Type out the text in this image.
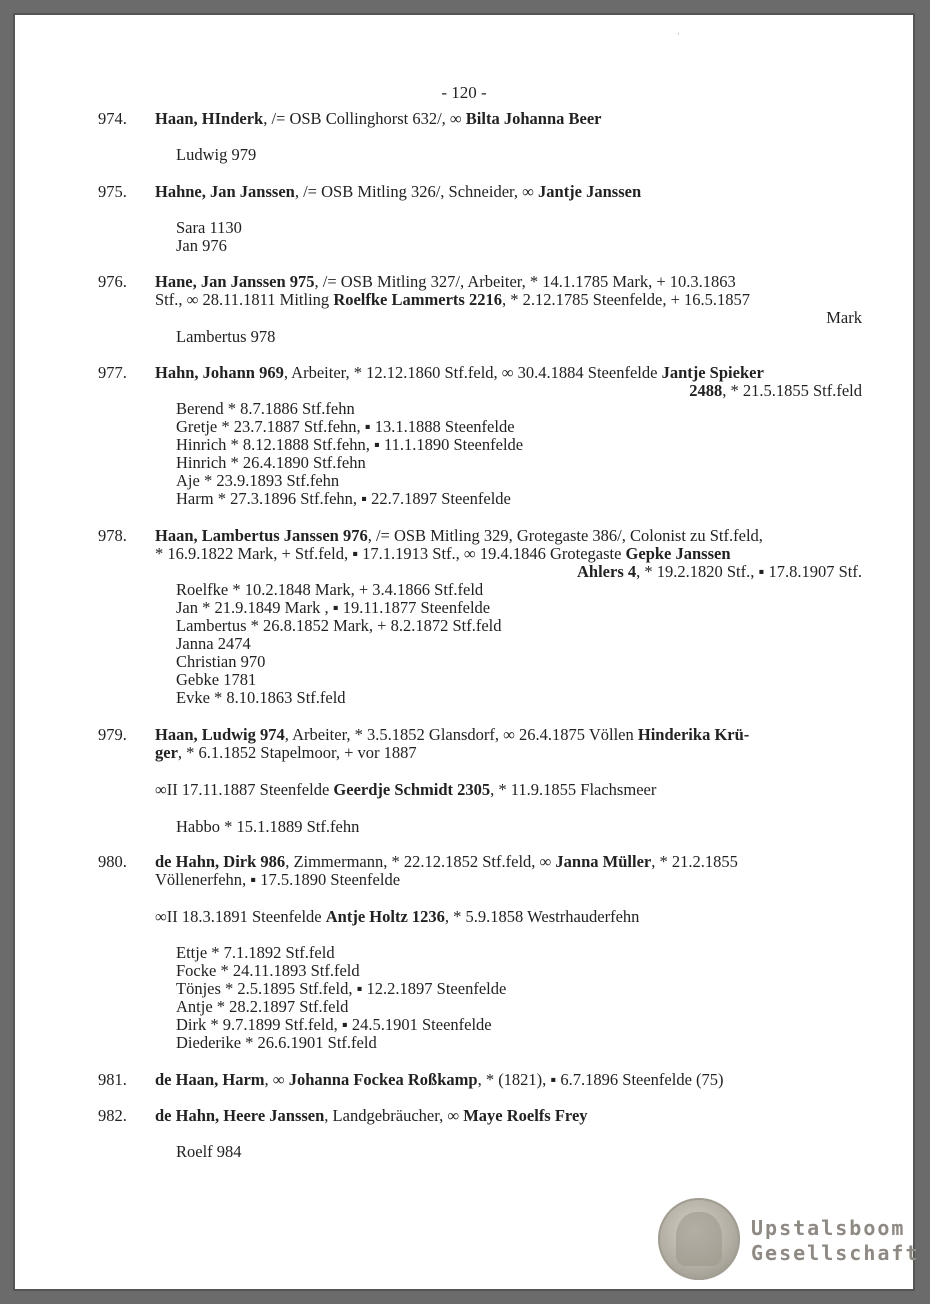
‘
- 120 -
974.	Haan, HInderk, /= OSB Collinghorst 632/, ∞ Bilta Johanna Beer
Ludwig 979
975.	Hahne, Jan Janssen, /= OSB Mitling 326/, Schneider, ∞ Jantje Janssen
Sara 1130
Jan 976
976.	Hane, Jan Janssen 975, /= OSB Mitling 327/, Arbeiter, * 14.1.1785 Mark, + 10.3.1863
Stf., ∞ 28.11.1811 Mitling Roelfke Lammerts 2216, * 2.12.1785 Steenfelde, + 16.5.1857
Mark
Lambertus 978
977.	Hahn, Johann 969, Arbeiter, * 12.12.1860 Stf.feld, ∞ 30.4.1884 Steenfelde Jantje Spieker
2488, * 21.5.1855 Stf.feld
Berend * 8.7.1886 Stf.fehn
Gretje * 23.7.1887 Stf.fehn, ▪ 13.1.1888 Steenfelde
Hinrich * 8.12.1888 Stf.fehn, ▪ 11.1.1890 Steenfelde
Hinrich * 26.4.1890 Stf.fehn
Aje * 23.9.1893 Stf.fehn
Harm * 27.3.1896 Stf.fehn, ▪ 22.7.1897 Steenfelde
978.	Haan, Lambertus Janssen 976, /= OSB Mitling 329, Grotegaste 386/, Colonist zu Stf.feld,
* 16.9.1822 Mark, + Stf.feld, ▪ 17.1.1913 Stf., ∞ 19.4.1846 Grotegaste Gepke Janssen
Ahlers 4, * 19.2.1820 Stf., ▪ 17.8.1907 Stf.
Roelfke * 10.2.1848 Mark, + 3.4.1866 Stf.feld
Jan * 21.9.1849 Mark , ▪ 19.11.1877 Steenfelde
Lambertus * 26.8.1852 Mark, + 8.2.1872 Stf.feld
Janna 2474
Christian 970
Gebke 1781
Evke * 8.10.1863 Stf.feld
979.	Haan, Ludwig 974, Arbeiter, * 3.5.1852 Glansdorf, ∞ 26.4.1875 Völlen Hinderika Krü-
ger, * 6.1.1852 Stapelmoor, + vor 1887
∞II 17.11.1887 Steenfelde Geerdje Schmidt 2305, * 11.9.1855 Flachsmeer
Habbo * 15.1.1889 Stf.fehn
980.	de Hahn, Dirk 986, Zimmermann, * 22.12.1852 Stf.feld, ∞ Janna Müller, * 21.2.1855
Völlenerfehn, ▪ 17.5.1890 Steenfelde
∞II 18.3.1891 Steenfelde Antje Holtz 1236, * 5.9.1858 Westrhauderfehn
Ettje * 7.1.1892 Stf.feld
Focke * 24.11.1893 Stf.feld
Tönjes * 2.5.1895 Stf.feld, ▪ 12.2.1897 Steenfelde
Antje * 28.2.1897 Stf.feld
Dirk * 9.7.1899 Stf.feld, ▪ 24.5.1901 Steenfelde
Diederike * 26.6.1901 Stf.feld
981.	de Haan, Harm, ∞ Johanna Fockea Roßkamp, * (1821), ▪ 6.7.1896 Steenfelde (75)
982.	de Hahn, Heere Janssen, Landgebräucher, ∞ Maye Roelfs Frey
Roelf 984
Upstalsboom
Gesellschaft
